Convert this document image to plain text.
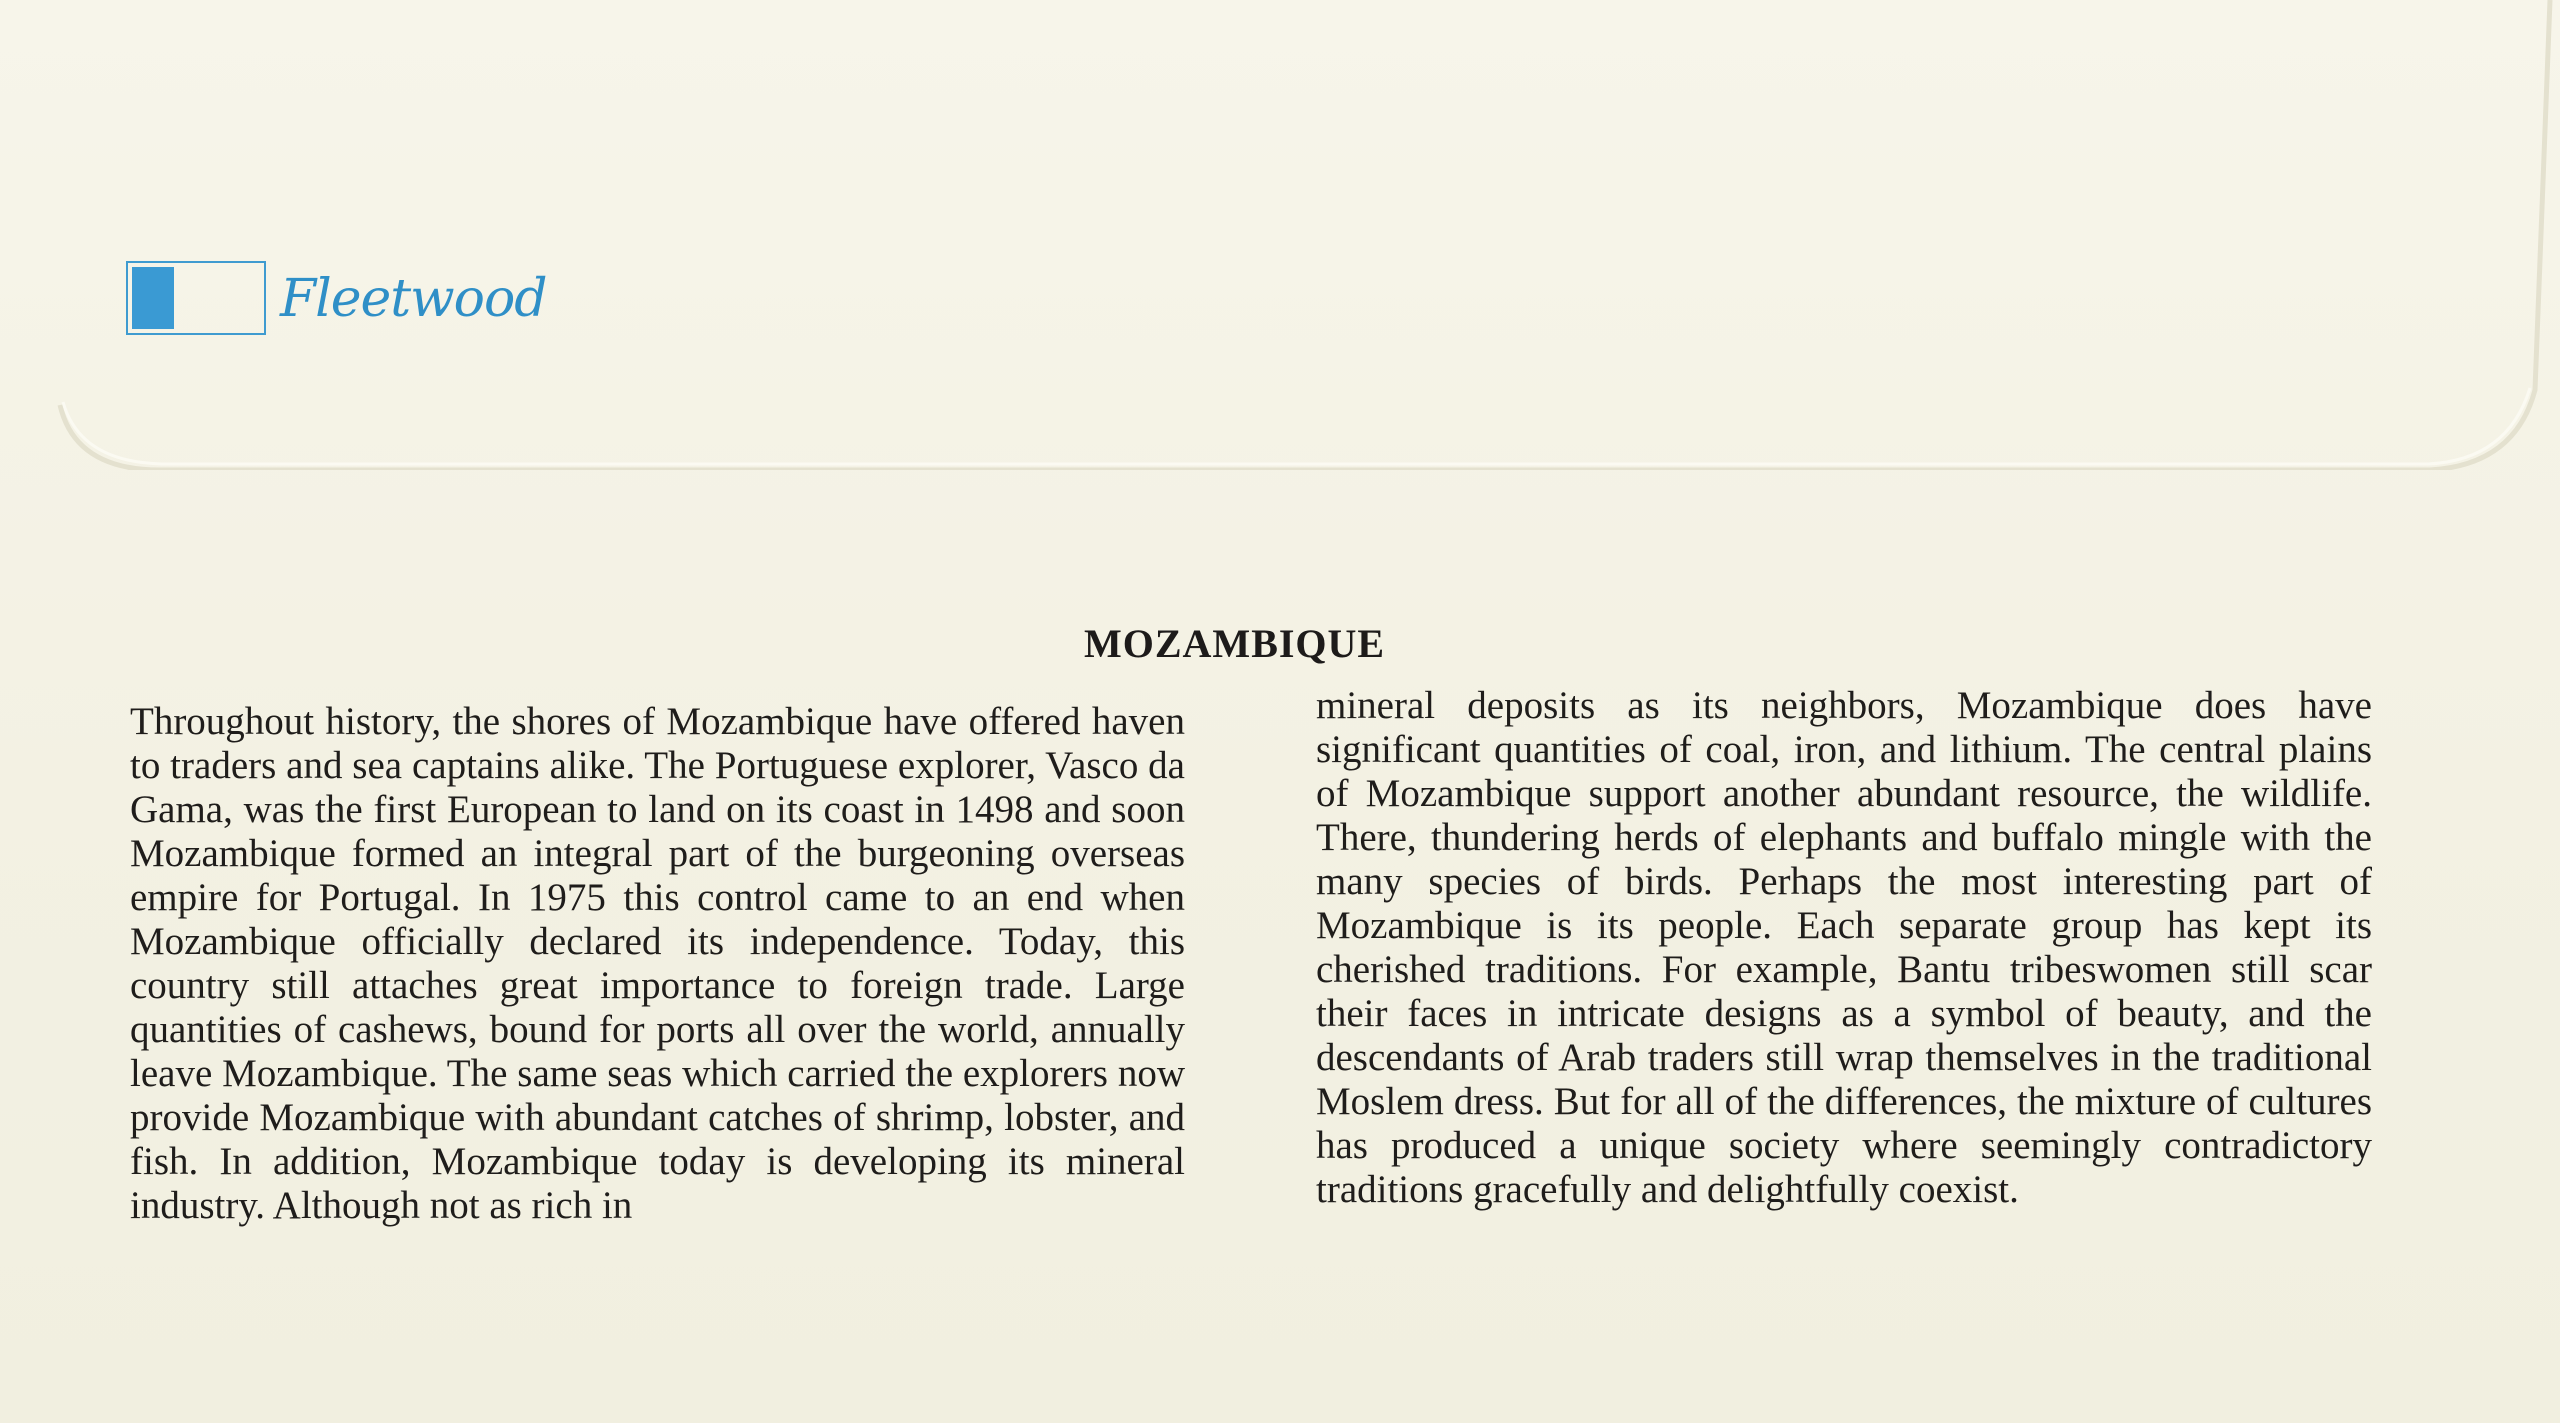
Fleetwood
MOZAMBIQUE
Throughout history, the shores of Mozambique have offered haven to traders and sea captains alike. The Portuguese explorer, Vasco da Gama, was the first European to land on its coast in 1498 and soon Mozambique formed an integral part of the burgeoning overseas empire for Portugal. In 1975 this control came to an end when Mozambique officially declared its independence. Today, this country still attaches great importance to foreign trade. Large quantities of cashews, bound for ports all over the world, annually leave Mozambique. The same seas which carried the explorers now provide Mozambique with abundant catches of shrimp, lobster, and fish. In addition, Mozambique today is developing its mineral industry. Although not as rich in
mineral deposits as its neighbors, Mozambique does have significant quantities of coal, iron, and lithium. The central plains of Mozambique support another abundant resource, the wildlife. There, thundering herds of elephants and buffalo mingle with the many species of birds. Perhaps the most interesting part of Mozambique is its people. Each separate group has kept its cherished traditions. For example, Bantu tribeswomen still scar their faces in intricate designs as a symbol of beauty, and the descendants of Arab traders still wrap themselves in the traditional Moslem dress. But for all of the differences, the mixture of cultures has produced a unique society where seemingly contradictory traditions gracefully and delightfully coexist.
